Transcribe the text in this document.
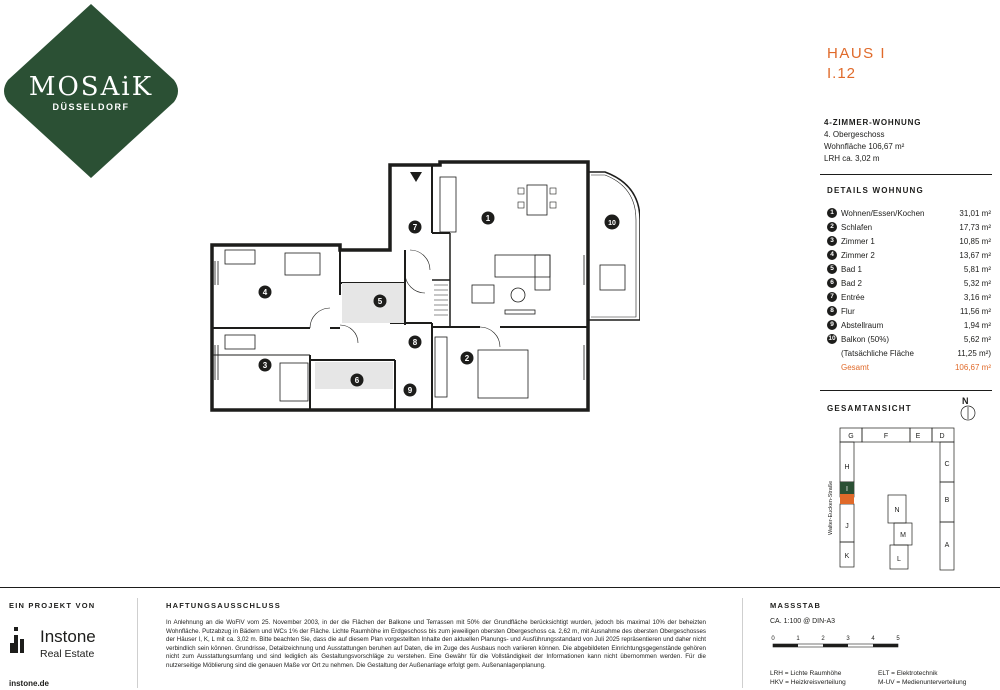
MOSAiK
DÜSSELDORF
HAUS I
I.12
4-ZIMMER-WOHNUNG
4. Obergeschoss
Wohnfläche 106,67 m²
LRH ca. 3,02 m
DETAILS WOHNUNG
1 Wohnen/Essen/Kochen	31,01 m²
2 Schlafen	17,73 m²
3 Zimmer 1	10,85 m²
4 Zimmer 2	13,67 m²
5 Bad 1	5,81 m²
6 Bad 2	5,32 m²
7 Entrée	3,16 m²
8 Flur	11,56 m²
9 Abstellraum	1,94 m²
10 Balkon (50%)	5,62 m²
(Tatsächliche Fläche	11,25 m²)
Gesamt	106,67 m²
1
2
3
4
5
6
7
8
9
10
GESAMTANSICHT
N
G	F	E	D
C
H
I
B
J
N
M
K	L
A
Walter-Eucken-Straße
EIN PROJEKT VON
Instone
Real Estate
instone.de
HAFTUNGSAUSSCHLUSS
In Anlehnung an die WoFlV vom 25. November 2003, in der die Flächen der Balkone und Terrassen mit 50% der Grundfläche berücksichtigt wurden, jedoch bis maximal 10% der beheizten Wohnfläche. Putzabzug in Bädern und WCs 1% der Fläche. Lichte Raumhöhe im Erdgeschoss bis zum jeweiligen obersten Obergeschoss ca. 2,62 m, mit Ausnahme des obersten Obergeschosses der Häuser I, K, L mit ca. 3,02 m. Bitte beachten Sie, dass die auf diesem Plan vorgestellten Inhalte den aktuellen Planungs- und Ausführungsstandard von Juli 2025 repräsentieren und daher nicht verbindlich sein können. Grundrisse, Detailzeichnung und Ausstattungen beruhen auf Daten, die im Zuge des Ausbaus noch variieren können. Die abgebildeten Einrichtungsgegenstände gehören nicht zum Ausstattungsumfang und sind lediglich als Gestaltungsvorschläge zu verstehen. Eine Gewähr für die Vollständigkeit der Informationen kann nicht übernommen werden. Für die nutzerseitige Möblierung sind die genauen Maße vor Ort zu nehmen. Die Gestaltung der Außenanlage erfolgt gem. Außenanlagenplanung.
MASSSTAB
CA. 1:100 @ DIN-A3
0	1	2	3	4	5
LRH = Lichte Raumhöhe
HKV = Heizkreisverteilung
ELT = Elektrotechnik
M-UV = Medienunterverteilung
